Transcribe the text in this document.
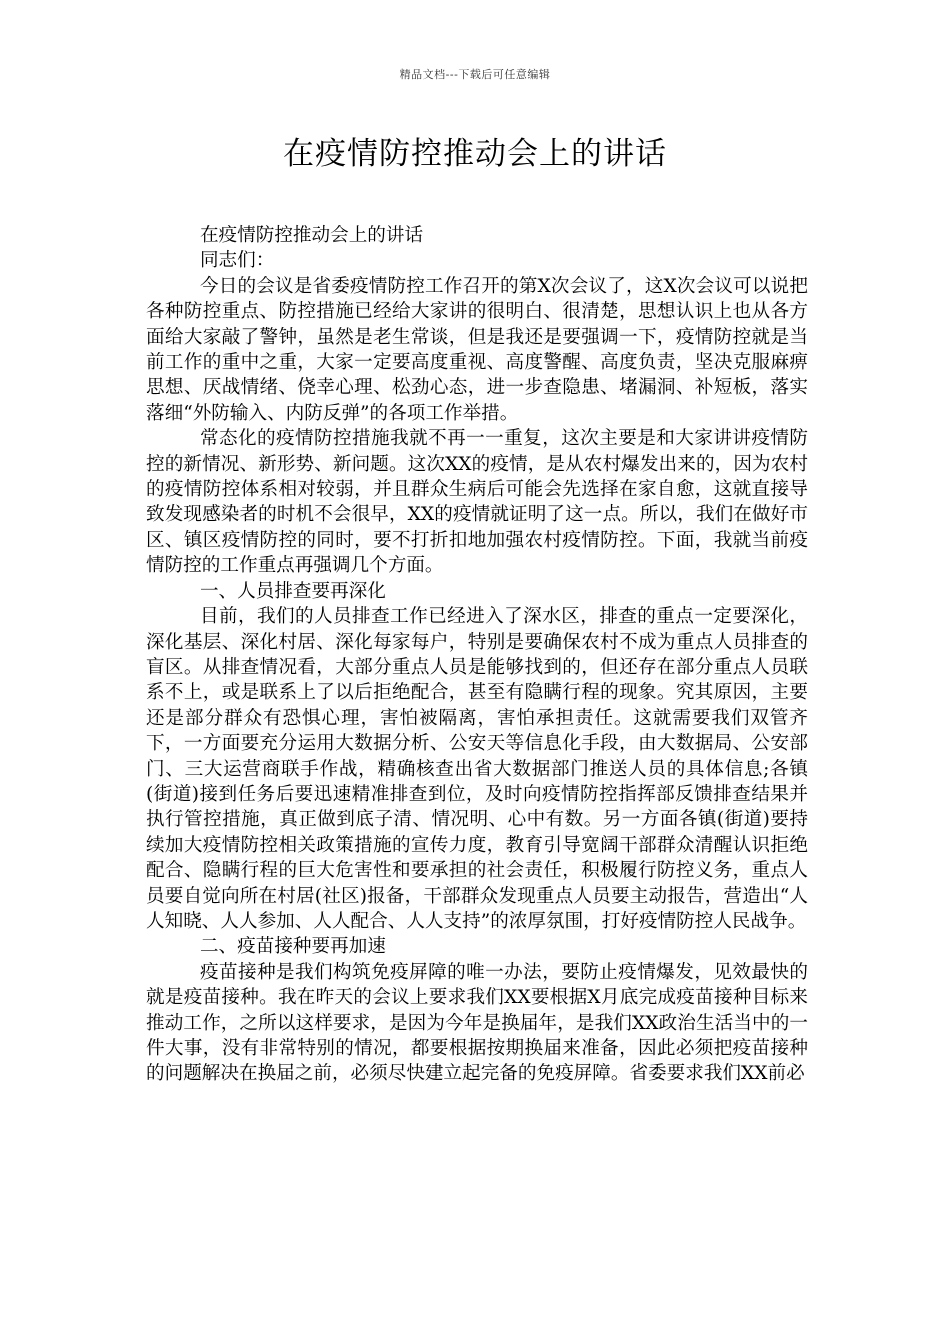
精品文档---下载后可任意编辑
在疫情防控推动会上的讲话

在疫情防控推动会上的讲话

同志们：

今日的会议是省委疫情防控工作召开的第X次会议了，这X次会议可以说把各种防控重点、防控措施已经给大家讲的很明白、很清楚，思想认识上也从各方面给大家敲了警钟，虽然是老生常谈，但是我还是要强调一下，疫情防控就是当前工作的重中之重，大家一定要高度重视、高度警醒、高度负责，坚决克服麻痹思想、厌战情绪、侥幸心理、松劲心态，进一步查隐患、堵漏洞、补短板，落实落细“外防输入、内防反弹”的各项工作举措。

常态化的疫情防控措施我就不再一一重复，这次主要是和大家讲讲疫情防控的新情况、新形势、新问题。这次XX的疫情，是从农村爆发出来的，因为农村的疫情防控体系相对较弱，并且群众生病后可能会先选择在家自愈，这就直接导致发现感染者的时机不会很早，XX的疫情就证明了这一点。所以，我们在做好市区、镇区疫情防控的同时，要不打折扣地加强农村疫情防控。下面，我就当前疫情防控的工作重点再强调几个方面。

一、人员排查要再深化

目前，我们的人员排查工作已经进入了深水区，排查的重点一定要深化，深化基层、深化村居、深化每家每户，特别是要确保农村不成为重点人员排查的盲区。从排查情况看，大部分重点人员是能够找到的，但还存在部分重点人员联系不上，或是联系上了以后拒绝配合，甚至有隐瞒行程的现象。究其原因，主要还是部分群众有恐惧心理，害怕被隔离，害怕承担责任。这就需要我们双管齐下，一方面要充分运用大数据分析、公安天等信息化手段，由大数据局、公安部门、三大运营商联手作战，精确核查出省大数据部门推送人员的具体信息;各镇(街道)接到任务后要迅速精准排查到位，及时向疫情防控指挥部反馈排查结果并执行管控措施，真正做到底子清、情况明、心中有数。另一方面各镇(街道)要持续加大疫情防控相关政策措施的宣传力度，教育引导宽阔干部群众清醒认识拒绝配合、隐瞒行程的巨大危害性和要承担的社会责任，积极履行防控义务，重点人员要自觉向所在村居(社区)报备，干部群众发现重点人员要主动报告，营造出“人人知晓、人人参加、人人配合、人人支持”的浓厚氛围，打好疫情防控人民战争。

二、疫苗接种要再加速

疫苗接种是我们构筑免疫屏障的唯一办法，要防止疫情爆发，见效最快的就是疫苗接种。我在昨天的会议上要求我们XX要根据X月底完成疫苗接种目标来推动工作，之所以这样要求，是因为今年是换届年，是我们XX政治生活当中的一件大事，没有非常特别的情况，都要根据按期换届来准备，因此必须把疫苗接种的问题解决在换届之前，必须尽快建立起完备的免疫屏障。省委要求我们XX前必
